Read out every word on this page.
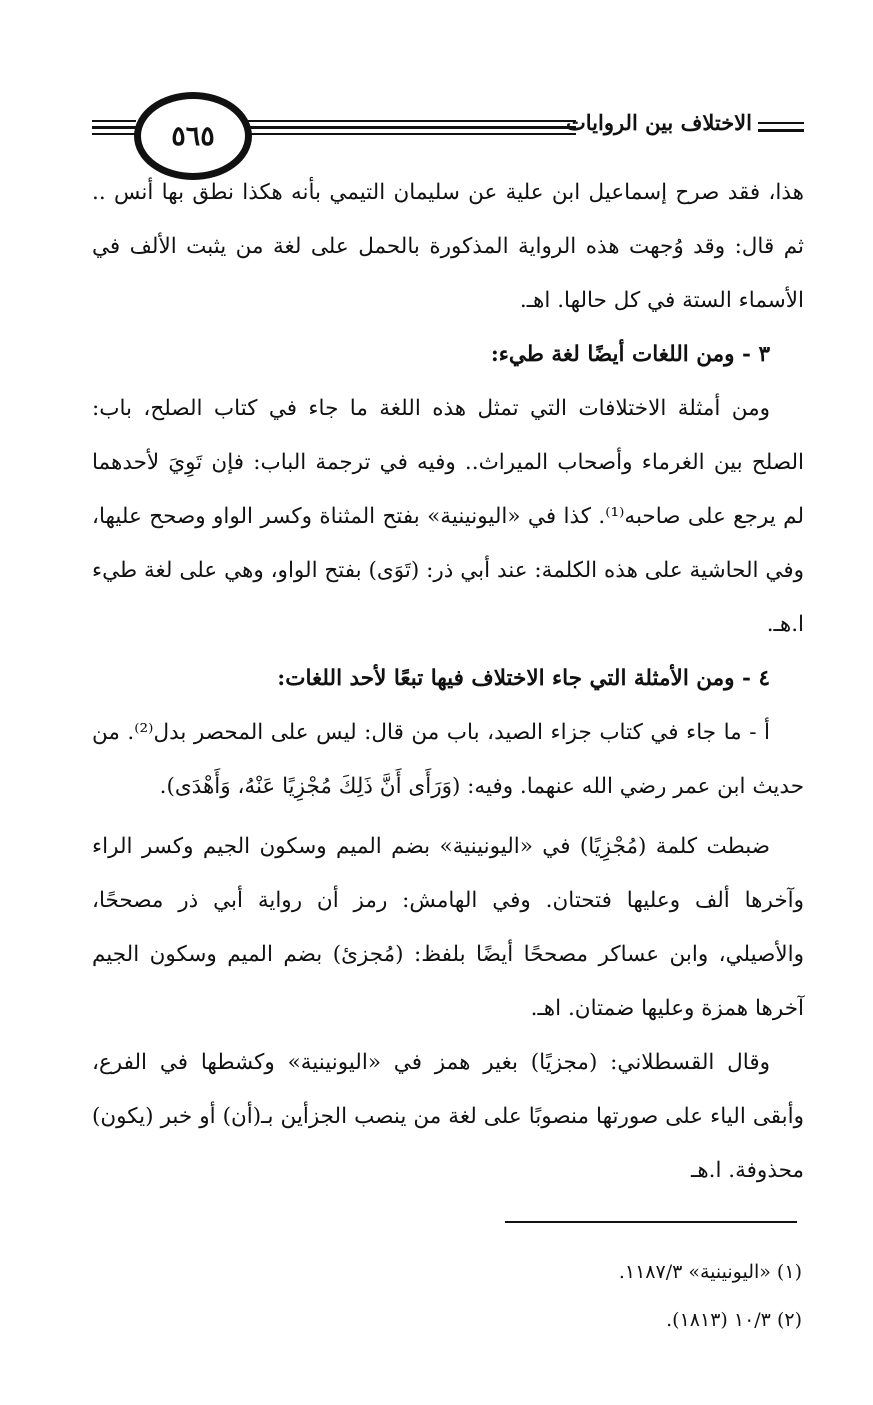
٥٦٥	الاختلاف بين الروايات

هذا، فقد صرح إسماعيل ابن علية عن سليمان التيمي بأنه هكذا نطق بها أنس .. ثم قال: وقد وُجهت هذه الرواية المذكورة بالحمل على لغة من يثبت الألف في الأسماء الستة في كل حالها. اهـ.

٣ - ومن اللغات أيضًا لغة طيء:

ومن أمثلة الاختلافات التي تمثل هذه اللغة ما جاء في كتاب الصلح، باب: الصلح بين الغرماء وأصحاب الميراث.. وفيه في ترجمة الباب: فإن تَوِيَ لأحدهما لم يرجع على صاحبه⁽¹⁾. كذا في «اليونينية» بفتح المثناة وكسر الواو وصحح عليها، وفي الحاشية على هذه الكلمة: عند أبي ذر: (تَوَى) بفتح الواو، وهي على لغة طيء ا.هـ.

٤ - ومن الأمثلة التي جاء الاختلاف فيها تبعًا لأحد اللغات:

أ - ما جاء في كتاب جزاء الصيد، باب من قال: ليس على المحصر بدل⁽²⁾. من حديث ابن عمر رضي الله عنهما. وفيه: (وَرَأَى أَنَّ ذَلِكَ مُجْزِيًا عَنْهُ، وَأَهْدَى).

ضبطت كلمة (مُجْزِيًا) في «اليونينية» بضم الميم وسكون الجيم وكسر الراء وآخرها ألف وعليها فتحتان. وفي الهامش: رمز أن رواية أبي ذر مصححًا، والأصيلي، وابن عساكر مصححًا أيضًا بلفظ: (مُجزئ) بضم الميم وسكون الجيم آخرها همزة وعليها ضمتان. اهـ.

وقال القسطلاني: (مجزيًا) بغير همز في «اليونينية» وكشطها في الفرع، وأبقى الياء على صورتها منصوبًا على لغة من ينصب الجزأين بـ(أن) أو خبر (يكون) محذوفة. ا.هـ

(١) «اليونينية» ١١٨٧/٣.
(٢) ١٠/٣ (١٨١٣).
